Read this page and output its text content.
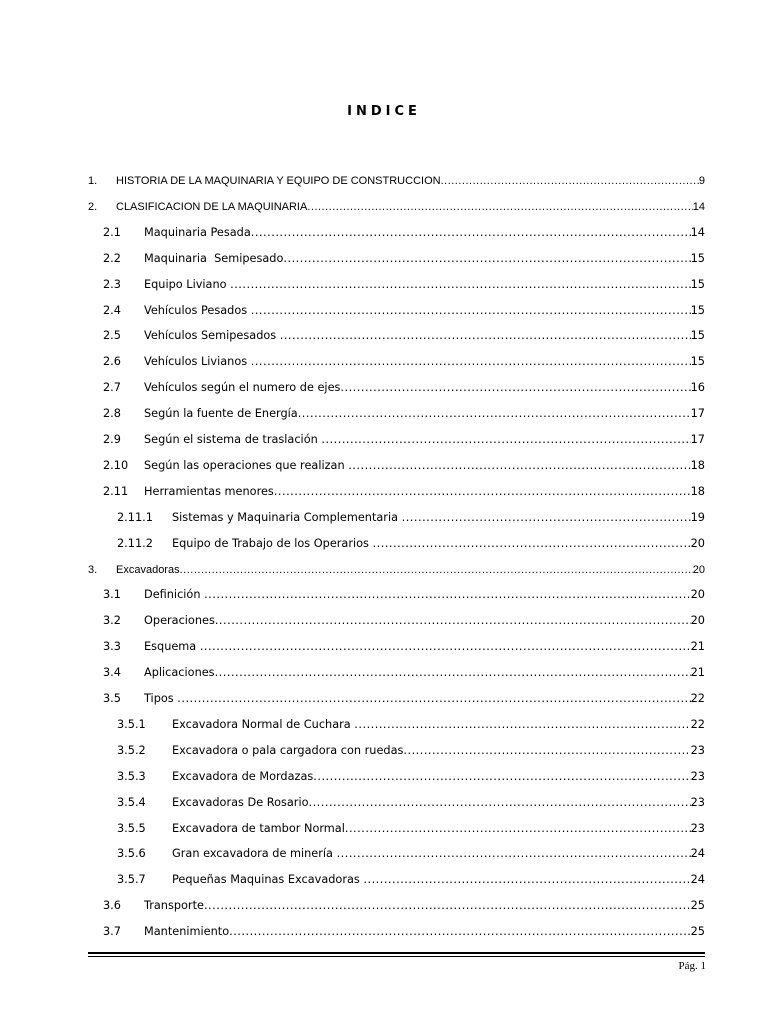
INDICE
1.	HISTORIA DE LA MAQUINARIA Y EQUIPO DE CONSTRUCCION .....	9
2.	CLASIFICACION DE LA MAQUINARIA .....	14
2.1	Maquinaria Pesada .....	14
2.2	Maquinaria  Semipesado .....	15
2.3	Equipo Liviano .....	15
2.4	Vehículos Pesados .....	15
2.5	Vehículos Semipesados .....	15
2.6	Vehículos Livianos .....	15
2.7	Vehículos según el numero de ejes .....	16
2.8	Según la fuente de Energía .....	17
2.9	Según el sistema de traslación .....	17
2.10	Según las operaciones que realizan .....	18
2.11	Herramientas menores .....	18
2.11.1	Sistemas y Maquinaria Complementaria .....	19
2.11.2	Equipo de Trabajo de los Operarios .....	20
3.	Excavadoras .....	20
3.1	Definición .....	20
3.2	Operaciones .....	20
3.3	Esquema .....	21
3.4	Aplicaciones .....	21
3.5	Tipos .....	22
3.5.1	Excavadora Normal de Cuchara .....	22
3.5.2	Excavadora o pala cargadora con ruedas .....	23
3.5.3	Excavadora de Mordazas .....	23
3.5.4	Excavadoras De Rosario .....	23
3.5.5	Excavadora de tambor Normal .....	23
3.5.6	Gran excavadora de minería .....	24
3.5.7	Pequeñas Maquinas Excavadoras .....	24
3.6	Transporte .....	25
3.7	Mantenimiento .....	25
Pág. 1
